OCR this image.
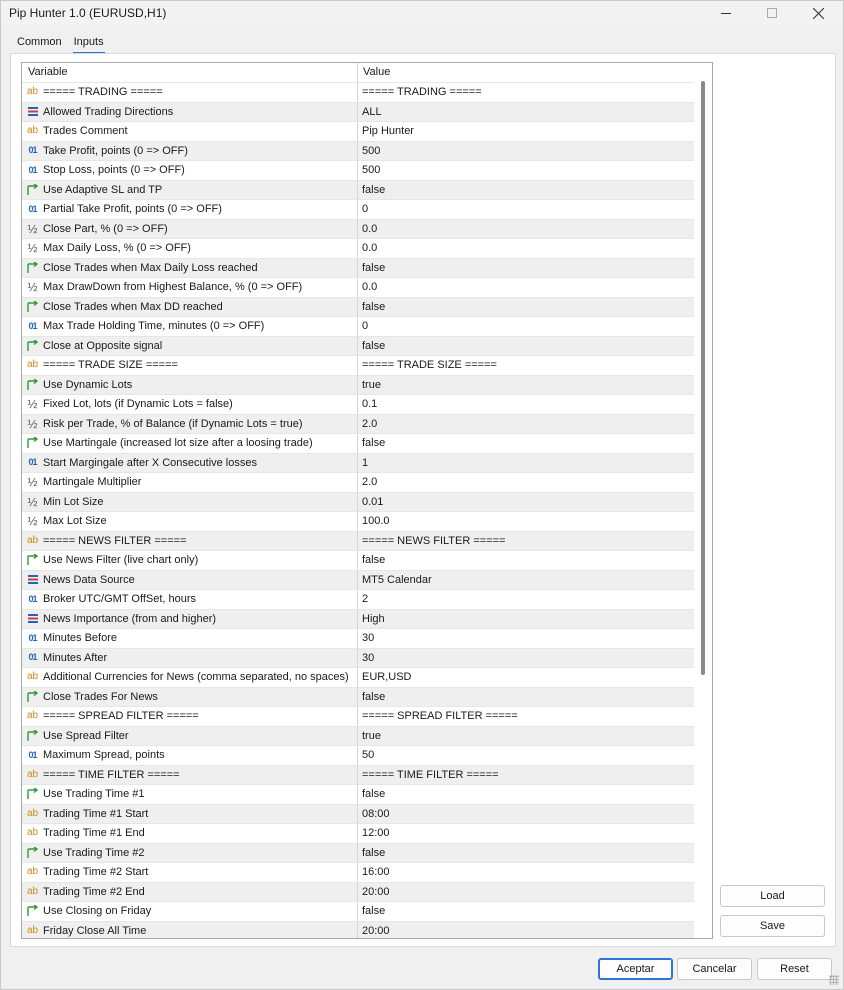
Pip Hunter 1.0 (EURUSD,H1)
Common	Inputs
Variable	Value
ab ===== TRADING =====	===== TRADING =====
Allowed Trading Directions	ALL
ab Trades Comment	Pip Hunter
01 Take Profit, points (0 => OFF)	500
01 Stop Loss, points (0 => OFF)	500
Use Adaptive SL and TP	false
01 Partial Take Profit, points (0 => OFF)	0
½ Close Part, % (0 => OFF)	0.0
½ Max Daily Loss, % (0 => OFF)	0.0
Close Trades when Max Daily Loss reached	false
½ Max DrawDown from Highest Balance, % (0 => OFF)	0.0
Close Trades when Max DD reached	false
01 Max Trade Holding Time, minutes (0 => OFF)	0
Close at Opposite signal	false
ab ===== TRADE SIZE =====	===== TRADE SIZE =====
Use Dynamic Lots	true
½ Fixed Lot, lots (if Dynamic Lots = false)	0.1
½ Risk per Trade, % of Balance (if Dynamic Lots = true)	2.0
Use Martingale (increased lot size after a loosing trade)	false
01 Start Margingale after X Consecutive losses	1
½ Martingale Multiplier	2.0
½ Min Lot Size	0.01
½ Max Lot Size	100.0
ab ===== NEWS FILTER =====	===== NEWS FILTER =====
Use News Filter (live chart only)	false
News Data Source	MT5 Calendar
01 Broker UTC/GMT OffSet, hours	2
News Importance (from and higher)	High
01 Minutes Before	30
01 Minutes After	30
ab Additional Currencies for News (comma separated, no spaces)	EUR,USD
Close Trades For News	false
ab ===== SPREAD FILTER =====	===== SPREAD FILTER =====
Use Spread Filter	true
01 Maximum Spread, points	50
ab ===== TIME FILTER =====	===== TIME FILTER =====
Use Trading Time #1	false
ab Trading Time #1 Start	08:00
ab Trading Time #1 End	12:00
Use Trading Time #2	false
ab Trading Time #2 Start	16:00
ab Trading Time #2 End	20:00
Use Closing on Friday	false
ab Friday Close All Time	20:00
Load
Save
Aceptar	Cancelar	Reset
